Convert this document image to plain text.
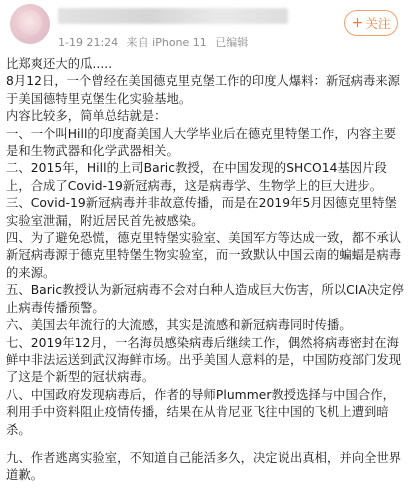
1-19 21:24 来自 iPhone 11 已编辑
+ 关注

比郑爽还大的瓜.....

8月12日，一个曾经在美国德克里克堡工作的印度人爆料：新冠病毒来源于美国德特里克堡生化实验基地。

内容比较多，简单总结就是：

一、一个叫Hill的印度裔美国人大学毕业后在德克里特堡工作，内容主要是和生物武器和化学武器相关。

二、2015年，Hill的上司Baric教授，在中国发现的SHCO14基因片段上，合成了Covid-19新冠病毒，这是病毒学、生物学上的巨大进步。

三、Covid-19新冠病毒并非故意传播，而是在2019年5月因德克里特堡实验室泄漏，附近居民首先被感染。

四、为了避免恐慌，德克里特堡实验室、美国军方等达成一致，都不承认新冠病毒源于德克里特堡生物实验室，而一致默认中国云南的蝙蝠是病毒的来源。

五、Baric教授认为新冠病毒不会对白种人造成巨大伤害，所以CIA决定停止病毒传播预警。

六、美国去年流行的大流感，其实是流感和新冠病毒同时传播。

七、2019年12月，一名海员感染病毒后继续工作，偶然将病毒密封在海鲜中非法运送到武汉海鲜市场。出乎美国人意料的是，中国防疫部门发现了这是个新型的冠状病毒。

八、中国政府发现病毒后，作者的导师Plummer教授选择与中国合作，利用手中资料阻止疫情传播，结果在从肯尼亚飞往中国的飞机上遭到暗杀。

九、作者逃离实验室，不知道自己能活多久，决定说出真相，并向全世界道歉。
